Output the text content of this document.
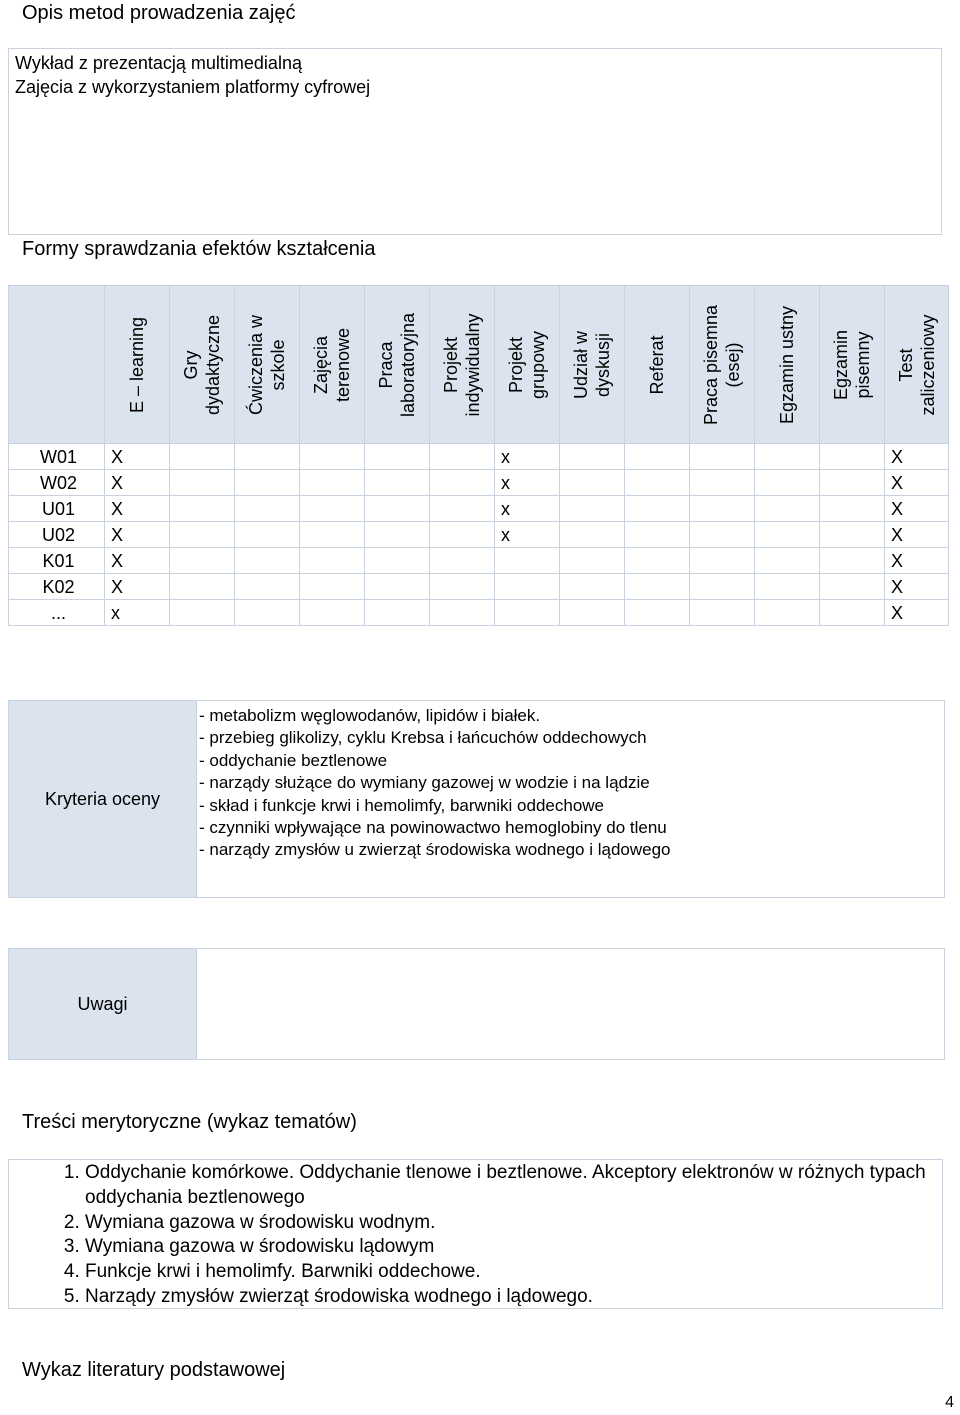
Opis metod prowadzenia zajęć
Wykład z prezentacją multimedialną
Zajęcia z wykorzystaniem platformy cyfrowej
Formy sprawdzania efektów kształcenia

	E – learning	Gry dydaktyczne	Ćwiczenia w szkole	Zajęcia terenowe	Praca laboratoryjna	Projekt indywidualny	Projekt grupowy	Udział w dyskusji	Referat	Praca pisemna (esej)	Egzamin ustny	Egzamin pisemny	Test zaliczeniowy

W01	X						x						X
W02	X						x						X
U01	X						x						X
U02	X						x						X
K01	X												X
K02	X												X
...	x												X
Kryteria oceny
- metabolizm węglowodanów, lipidów i białek.
- przebieg glikolizy, cyklu Krebsa i łańcuchów oddechowych
- oddychanie beztlenowe
- narządy służące do wymiany gazowej w wodzie i na lądzie
- skład i funkcje krwi i hemolimfy, barwniki oddechowe
- czynniki wpływające na powinowactwo hemoglobiny do tlenu
- narządy zmysłów u zwierząt środowiska wodnego i lądowego
Uwagi
Treści merytoryczne (wykaz tematów)
1. Oddychanie komórkowe. Oddychanie tlenowe i beztlenowe. Akceptory elektronów w różnych typach oddychania beztlenowego
2. Wymiana gazowa w środowisku wodnym.
3. Wymiana gazowa w środowisku lądowym
4. Funkcje krwi i hemolimfy. Barwniki oddechowe.
5. Narządy zmysłów zwierząt środowiska wodnego i lądowego.
Wykaz literatury podstawowej
4
